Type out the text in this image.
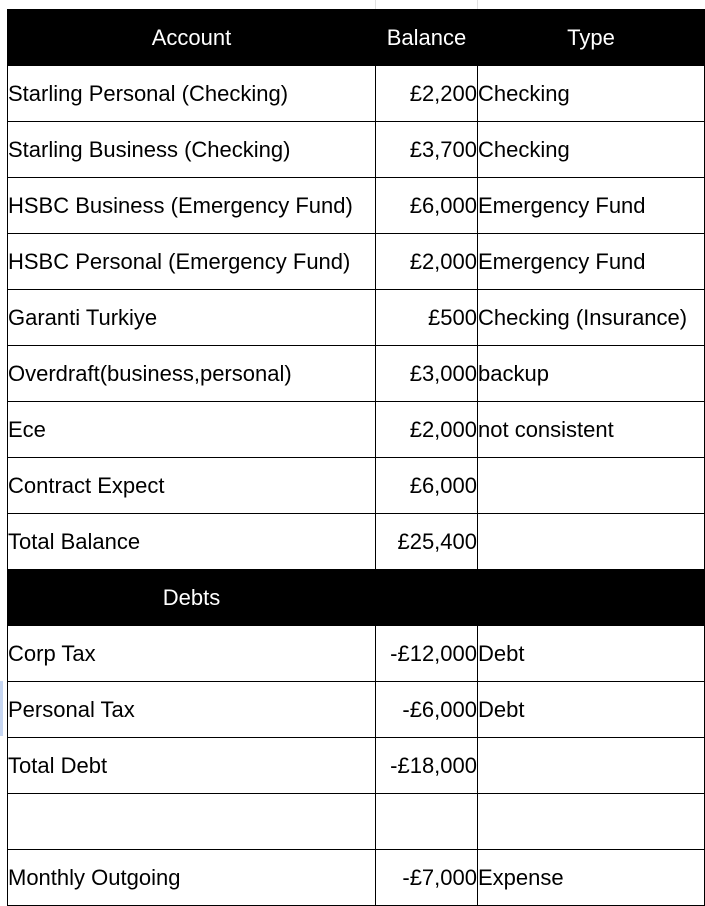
Account	Balance	Type
Starling Personal (Checking)	£2,200	Checking
Starling Business (Checking)	£3,700	Checking
HSBC Business (Emergency Fund)	£6,000	Emergency Fund
HSBC Personal (Emergency Fund)	£2,000	Emergency Fund
Garanti Turkiye	£500	Checking (Insurance)
Overdraft(business,personal)	£3,000	backup
Ece	£2,000	not consistent
Contract Expect	£6,000	
Total Balance	£25,400	
Debts		
Corp Tax	-£12,000	Debt
Personal Tax	-£6,000	Debt
Total Debt	-£18,000	

Monthly Outgoing	-£7,000	Expense
